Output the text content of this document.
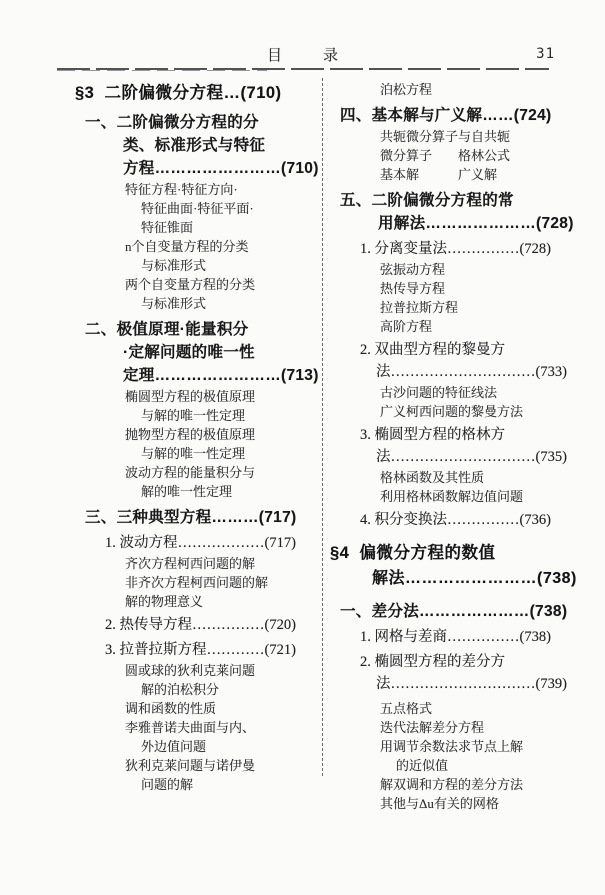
目　录	31
§3  二阶偏微分方程…(710)
一、二阶偏微分方程的分
类、标准形式与特征
方程……………………(710)
特征方程·特征方向·
特征曲面·特征平面·
特征锥面
n个自变量方程的分类
与标准形式
两个自变量方程的分类
与标准形式
二、极值原理·能量积分
·定解问题的唯一性
定理……………………(713)
椭圆型方程的极值原理
与解的唯一性定理
抛物型方程的极值原理
与解的唯一性定理
波动方程的能量积分与
解的唯一性定理
三、三种典型方程………(717)
1. 波动方程………………(717)
齐次方程柯西问题的解
非齐次方程柯西问题的解
解的物理意义
2. 热传导方程……………(720)
3. 拉普拉斯方程…………(721)
圆或球的狄利克莱问题
解的泊松积分
调和函数的性质
李雅普诺夫曲面与内、
外边值问题
狄利克莱问题与诺伊曼
问题的解
泊松方程
四、基本解与广义解……(724)
共轭微分算子与自共轭
微分算子　　格林公式
基本解　　　广义解
五、二阶偏微分方程的常
用解法…………………(728)
1. 分离变量法……………(728)
弦振动方程
热传导方程
拉普拉斯方程
高阶方程
2. 双曲型方程的黎曼方
法…………………………(733)
古沙问题的特征线法
广义柯西问题的黎曼方法
3. 椭圆型方程的格林方
法…………………………(735)
格林函数及其性质
利用格林函数解边值问题
4. 积分变换法……………(736)
§4  偏微分方程的数值
解法……………………(738)
一、差分法…………………(738)
1. 网格与差商……………(738)
2. 椭圆型方程的差分方
法…………………………(739)
五点格式
迭代法解差分方程
用调节余数法求节点上解
的近似值
解双调和方程的差分方法
其他与Δu有关的网格
